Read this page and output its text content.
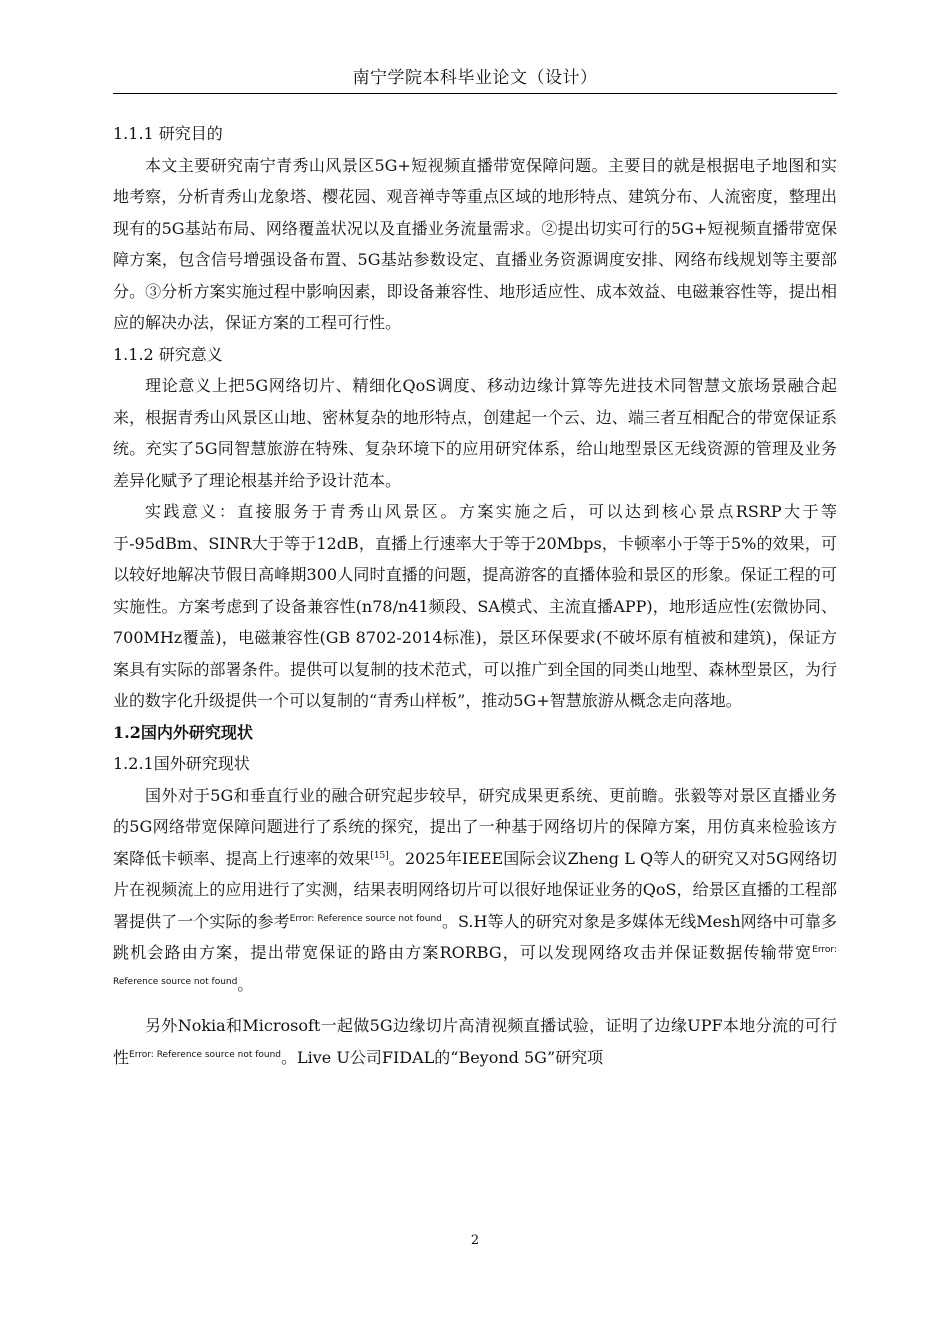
南宁学院本科毕业论文（设计）

1.1.1 研究目的

本文主要研究南宁青秀山风景区5G+短视频直播带宽保障问题。主要目的就是根据电子地图和实地考察，分析青秀山龙象塔、樱花园、观音禅寺等重点区域的地形特点、建筑分布、人流密度，整理出现有的5G基站布局、网络覆盖状况以及直播业务流量需求。②提出切实可行的5G+短视频直播带宽保障方案，包含信号增强设备布置、5G基站参数设定、直播业务资源调度安排、网络布线规划等主要部分。③分析方案实施过程中影响因素，即设备兼容性、地形适应性、成本效益、电磁兼容性等，提出相应的解决办法，保证方案的工程可行性。

1.1.2 研究意义

理论意义上把5G网络切片、精细化QoS调度、移动边缘计算等先进技术同智慧文旅场景融合起来，根据青秀山风景区山地、密林复杂的地形特点，创建起一个云、边、端三者互相配合的带宽保证系统。充实了5G同智慧旅游在特殊、复杂环境下的应用研究体系，给山地型景区无线资源的管理及业务差异化赋予了理论根基并给予设计范本。

实践意义：直接服务于青秀山风景区。方案实施之后，可以达到核心景点RSRP大于等于-95dBm、SINR大于等于12dB，直播上行速率大于等于20Mbps，卡顿率小于等于5%的效果，可以较好地解决节假日高峰期300人同时直播的问题，提高游客的直播体验和景区的形象。保证工程的可实施性。方案考虑到了设备兼容性(n78/n41频段、SA模式、主流直播APP)，地形适应性(宏微协同、700MHz覆盖)，电磁兼容性(GB 8702-2014标准)，景区环保要求(不破坏原有植被和建筑)，保证方案具有实际的部署条件。提供可以复制的技术范式，可以推广到全国的同类山地型、森林型景区，为行业的数字化升级提供一个可以复制的“青秀山样板”，推动5G+智慧旅游从概念走向落地。

1.2国内外研究现状

1.2.1国外研究现状

国外对于5G和垂直行业的融合研究起步较早，研究成果更系统、更前瞻。张毅等对景区直播业务的5G网络带宽保障问题进行了系统的探究，提出了一种基于网络切片的保障方案，用仿真来检验该方案降低卡顿率、提高上行速率的效果[15]。2025年IEEE国际会议Zheng L Q等人的研究又对5G网络切片在视频流上的应用进行了实测，结果表明网络切片可以很好地保证业务的QoS，给景区直播的工程部署提供了一个实际的参考$^{Error: Reference source not found}$。S.H等人的研究对象是多媒体无线Mesh网络中可靠多跳机会路由方案，提出带宽保证的路由方案RORBG，可以发现网络攻击并保证数据传输带宽$^{Error: Reference source not found}$。

另外Nokia和Microsoft一起做5G边缘切片高清视频直播试验，证明了边缘UPF本地分流的可行性$^{Error: Reference source not found}$。Live U公司FIDAL的“Beyond 5G”研究项

2
